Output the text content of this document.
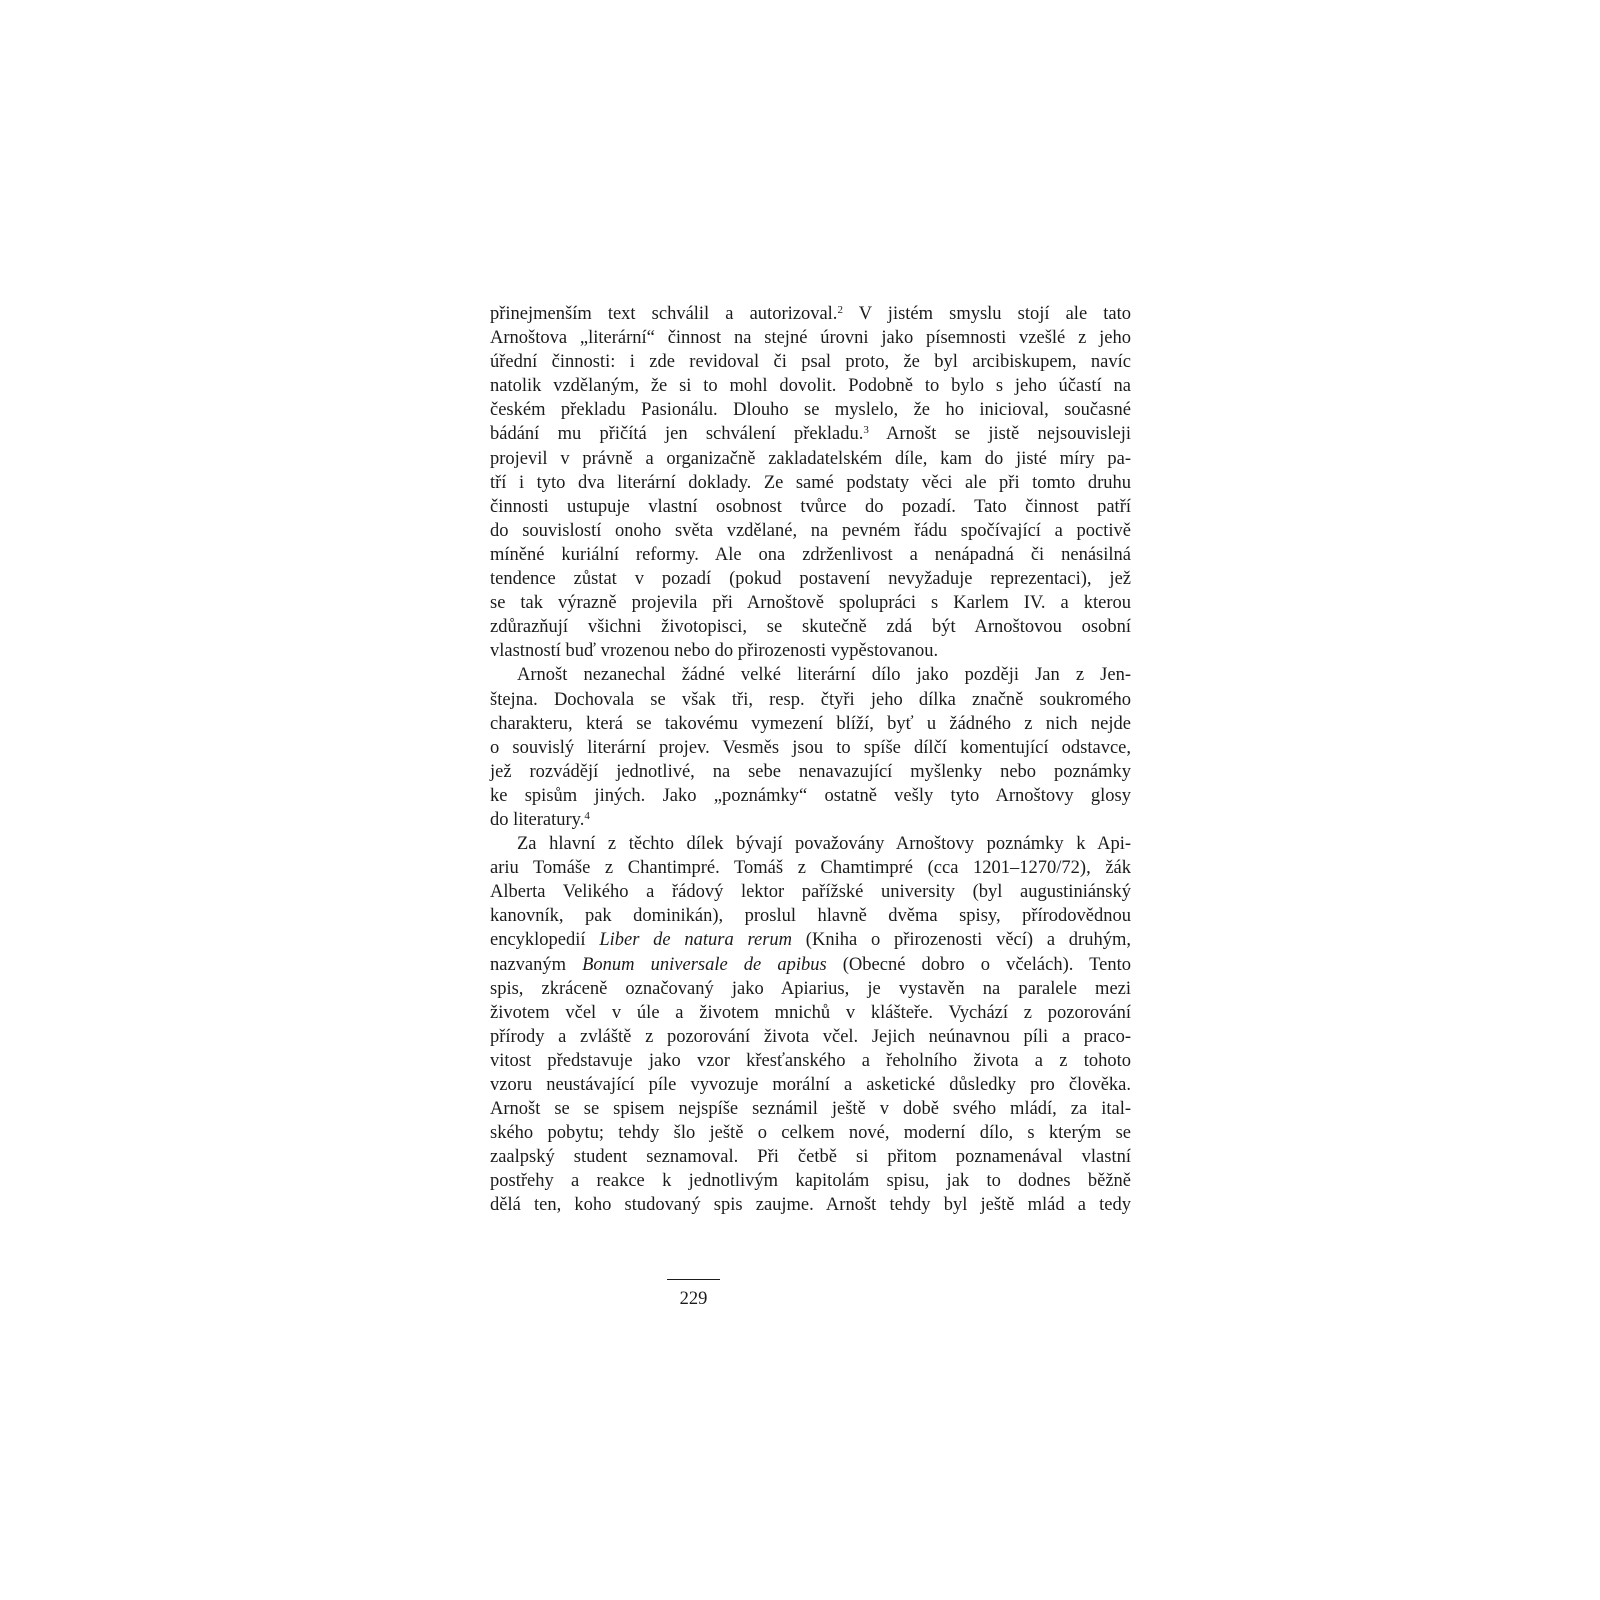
přinejmenším text schválil a autorizoval.$^2$ V jistém smyslu stojí ale tato
Arnoštova „literární“ činnost na stejné úrovni jako písemnosti vzešlé z jeho
úřední činnosti: i zde revidoval či psal proto, že byl arcibiskupem, navíc
natolik vzdělaným, že si to mohl dovolit. Podobně to bylo s jeho účastí na
českém překladu Pasionálu. Dlouho se myslelo, že ho inicioval, současné
bádání mu přičítá jen schválení překladu.$^3$ Arnošt se jistě nejsouvisleji
projevil v právně a organizačně zakladatelském díle, kam do jisté míry pa-
tří i tyto dva literární doklady. Ze samé podstaty věci ale při tomto druhu
činnosti ustupuje vlastní osobnost tvůrce do pozadí. Tato činnost patří
do souvislostí onoho světa vzdělané, na pevném řádu spočívající a poctivě
míněné kuriální reformy. Ale ona zdrženlivost a nenápadná či nenásilná
tendence zůstat v pozadí (pokud postavení nevyžaduje reprezentaci), jež
se tak výrazně projevila při Arnoštově spolupráci s Karlem IV. a kterou
zdůrazňují všichni životopisci, se skutečně zdá být Arnoštovou osobní
vlastností buď vrozenou nebo do přirozenosti vypěstovanou.
Arnošt nezanechal žádné velké literární dílo jako později Jan z Jen-
štejna. Dochovala se však tři, resp. čtyři jeho dílka značně soukromého
charakteru, která se takovému vymezení blíží, byť u žádného z nich nejde
o souvislý literární projev. Vesměs jsou to spíše dílčí komentující odstavce,
jež rozvádějí jednotlivé, na sebe nenavazující myšlenky nebo poznámky
ke spisům jiných. Jako „poznámky“ ostatně vešly tyto Arnoštovy glosy
do literatury.$^4$
Za hlavní z těchto dílek bývají považovány Arnoštovy poznámky k Api-
ariu Tomáše z Chantimpré. Tomáš z Chamtimpré (cca 1201–1270/72), žák
Alberta Velikého a řádový lektor pařížské university (byl augustiniánský
kanovník, pak dominikán), proslul hlavně dvěma spisy, přírodovědnou
encyklopedií Liber de natura rerum (Kniha o přirozenosti věcí) a druhým,
nazvaným Bonum universale de apibus (Obecné dobro o včelách). Tento
spis, zkráceně označovaný jako Apiarius, je vystavěn na paralele mezi
životem včel v úle a životem mnichů v klášteře. Vychází z pozorování
přírody a zvláště z pozorování života včel. Jejich neúnavnou píli a praco-
vitost představuje jako vzor křesťanského a řeholního života a z tohoto
vzoru neustávající píle vyvozuje morální a asketické důsledky pro člověka.
Arnošt se se spisem nejspíše seznámil ještě v době svého mládí, za ital-
ského pobytu; tehdy šlo ještě o celkem nové, moderní dílo, s kterým se
zaalpský student seznamoval. Při četbě si přitom poznamenával vlastní
postřehy a reakce k jednotlivým kapitolám spisu, jak to dodnes běžně
dělá ten, koho studovaný spis zaujme. Arnošt tehdy byl ještě mlád a tedy
229
